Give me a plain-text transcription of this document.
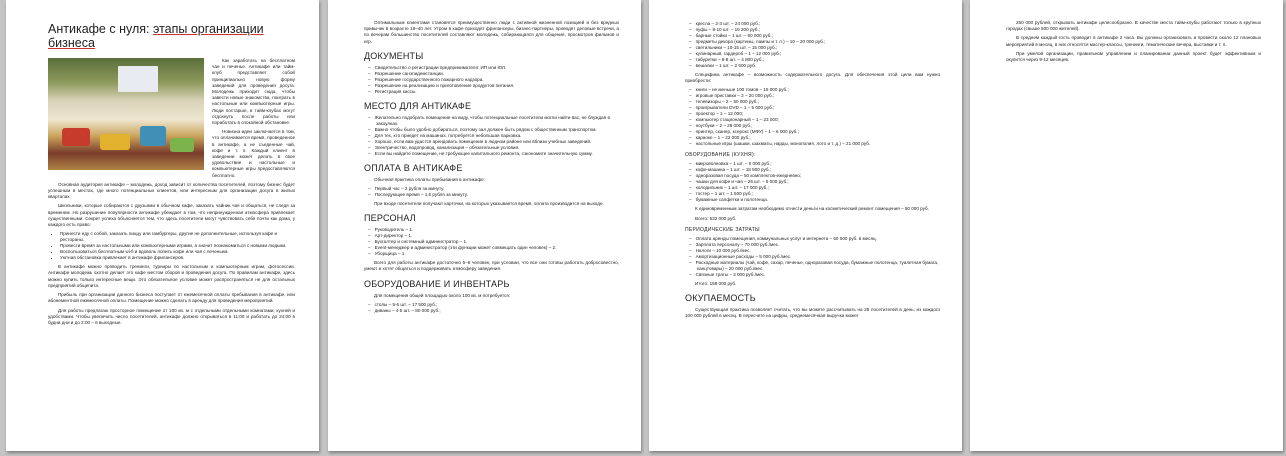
Антикафе с нуля: этапы организации бизнеса

Как заработать на бесплатном чае и печенье. Антикафе или тайм-клуб представляет собой принципиально новую форму заведений для проведения досуга. Молодежь приходит сюда, чтобы завести новые знакомства, поиграть в настольные или компьютерные игры. Люди постарше, в тайм-клубах могут отдохнуть после работы или поработать в спокойной обстановке.

Новизна идеи заключается в том, что оплачивается время, проведенное в антикафе, а не съеденные чай, кофе и т. п. Каждый клиент в заведении может делать в свое удовольствие и настольные и компьютерные игры предоставляются бесплатно.

Основная аудитория антикафе – молодежь, доход зависит от количества посетителей, поэтому бизнес будет успешным в местах, где много потенциальных клиентов, или интересным для организации досуга в жилых кварталах.

Школьники, которые собираются с друзьями в обычном кафе, заказать чайник чая и общаться, не следя за временем. Но разрушение популярности антикафе убеждает в том, что непринужденная атмосфера привлекает существенными. Секрет успеха объясняется тем, что здесь посетители могут чувствовать себя почти как дома, у каждого есть право:

• Принести еду с собой, заказать пиццу или гамбургеры, другие не дополнительные, используя кафе и рестораны.
• Провести время за настольными или компьютерными играми, а значит познакомиться с новыми людьми.
• Воспользоваться бесплатным wi-fi и вдоволь попить кофе или чая с печеньем.
• Уютная обстановка привлекает в антикафе фрилансеров.

В антикафе можно проводить тренинги, турниры по настольным и компьютерным играм, фотосессии. Антикафе молодежь охотно делает это кафе местом сборов и проведения досуга. По правилам антикафе, здесь можно купить только интересные вещи. Это обязательное условие может распространяться не для остальных предприятий общепита.

Прибыль при организации данного бизнеса поступает от ежемесячной оплаты пребывания в антикафе, или абонементной ежемесячной оплаты. Помещение можно сделать в аренду для проведения мероприятий.

Для работы предлагаю просторное помещение от 100 кв. м с отдельными отдельными комнатами, кухней и удобствами. Чтобы увеличить число посетителей, антикафе должно открываться в 11:00 и работать до 24:00 в будни дни и до 2:00 – в выходные.

Оптимальным клиентами становятся преимущественно люди с активной жизненной позицией и без вредных привычек в возрасте 18–40 лет. Утром в кафе приходят фрилансеры, бизнес-партнеры, проводят деловые встречи, а по вечерам большинство посетителей составляют молодежь, собирающаяся для общения, просмотров фильмов и игр.

ДОКУМЕНТЫ
– Свидетельство о регистрации предпринимателя: ИП или ЮЛ.
– Разрешение санэпидемстанции.
– Разрешение государственного пожарного надзора.
– Разрешение на реализацию и приготовление продуктов питания.
– Регистрация кассы.
МЕСТО ДЛЯ АНТИКАФЕ
– Желательно подобрать помещение на виду, чтобы потенциальные посетители могли найти вас, не блуждая в закоулках.
– Важно чтобы было удобно добираться, поэтому зал должен быть рядом с общественным транспортом.
– Для тех, кто приедет на машинах, потребуется небольшая парковка.
– Хорошо, если вам удастся арендовать помещение в людном районе или вблизи учебных заведений.
– Электричество, водопровод, канализация – обязательные условия.
– Если вы найдете помещение, не требующее капитального ремонта, сэкономите значительную сумму.
ОПЛАТА В АНТИКАФЕ

Обычная практика оплаты пребывания в антикафе:

– Первый час – 2 рубля за минуту.
– Последующее время – 1,5 рубля за минуту.

При входе посетители получают карточки, на которых указывается время, оплата производится на выходе.

ПЕРСОНАЛ
– Руководитель – 1.
– Арт-директор – 1.
– Бухгалтер и системный администратор – 1.
– Event-менеджер и администратор (эти функции может совмещать один человек) – 2.
– Уборщица – 1.

Всего для работы антикафе достаточно 5–6 человек, при условии, что все они готовы работать добросовестно, умеют и хотят общаться и поддерживать атмосферу заведения.

ОБОРУДОВАНИЕ И ИНВЕНТАРЬ

Для помещения общей площадью около 100 кв. м потребуется:

– столы – 5-6 шт. – 17 500 руб.;
– диваны – 4-5 шт. – 80 000 руб.;
– кресла – 2-3 шт. – 24 000 руб.;
– пуфы – 8-10 шт. – 19 200 руб.;
– барные стойки – 1 шт. – 60 000 руб.;
– предметы декора (картины, лампы и т. п.) – 10 – 20 000 руб.;
– светильники – 10-15 шт. – 15 000 руб.;
– кулинарный, гардероб – 1 – 12 000 руб.;
– табуретки – 6-8 шт. – 4 800 руб.;
– вешалки – 1 шт. – 2 500 руб.

Специфика антикафе – возможность содержательного досуга. Для обеспечения этой цели вам нужно приобрести:

– книги – не меньше 100 томов – 15 000 руб.;
– игровые приставки – 2 – 20 000 руб.;
– телевизоры – 2 – 50 000 руб.;
– проигрыватели DVD – 1 – 5 000 руб.;
– проектор – 1 – 12 000;
– компьютер стационарный – 1 – 23 000;
– ноутбуки – 2 – 28 000 руб.;
– принтер, сканер, ксерокс (МФУ) – 1 – 6 000 руб.;
– караоке – 1 – 22 000 руб.;
– настольные игры (шашки, шахматы, нарды, монополия, лото и т. д.) – 21 000 руб.
ОБОРУДОВАНИЕ (КУХНЯ):
– микроволновка – 1 шт. – 5 000 руб.;
– кофе-машина – 1 шт. – 18 500 руб.;
– одноразовая посуда – 50 комплектов-ежедневно;
– чашки для кофе и чая – 25 шт. – 5 000 руб.;
– холодильник – 1 шт. – 17 000 руб.;
– тостер – 1 шт. – 1 500 руб.;
– бумажные салфетки и полотенца.

К единовременным затратам необходимо отнести деньги на косметический ремонт помещения – 50 000 руб.

Всего: 532 000 руб.

ПЕРИОДИЧЕСКИЕ ЗАТРАТЫ
– Оплата аренды помещения, коммунальных услуг и интернета – 50 000 руб. в месяц.
– Зарплата персоналу – 70 000 руб./мес.
– Налоги – 10 000 руб./мес.
– Амортизационные расходы – 5 000 руб./мес.
– Расходные материалы (чай, кофе, сахар, печенье, одноразовая посуда, бумажные полотенца, туалетная бумага, канцтовары) – 20 000 руб./мес.
– Связные траты – 3 000 руб./мес.

Итого: 158 000 руб.

ОКУПАЕМОСТЬ

Существующая практика позволяет считать, что вы можете рассчитывать на 25 посетителей в день, из каждого 100 000 рублей в месяц. В пересчете на цифры, среднемесячная выручка может

250 000 рублей, открывать антикафе целесообразно. В качестве места тайм-клубы работают только в крупных городах (свыше 500 000 жителей).

В среднем каждый гость проводит в антикафе 2 часа. Вы должны организовать и провести около 12 плановых мероприятий в месяц, в них относятся мастер-классы, тренинги, тематические вечера, выставки и т. п.

При умелой организации, правильном управлении и планировании данный проект будет эффективным и окупится через 9-12 месяцев.
